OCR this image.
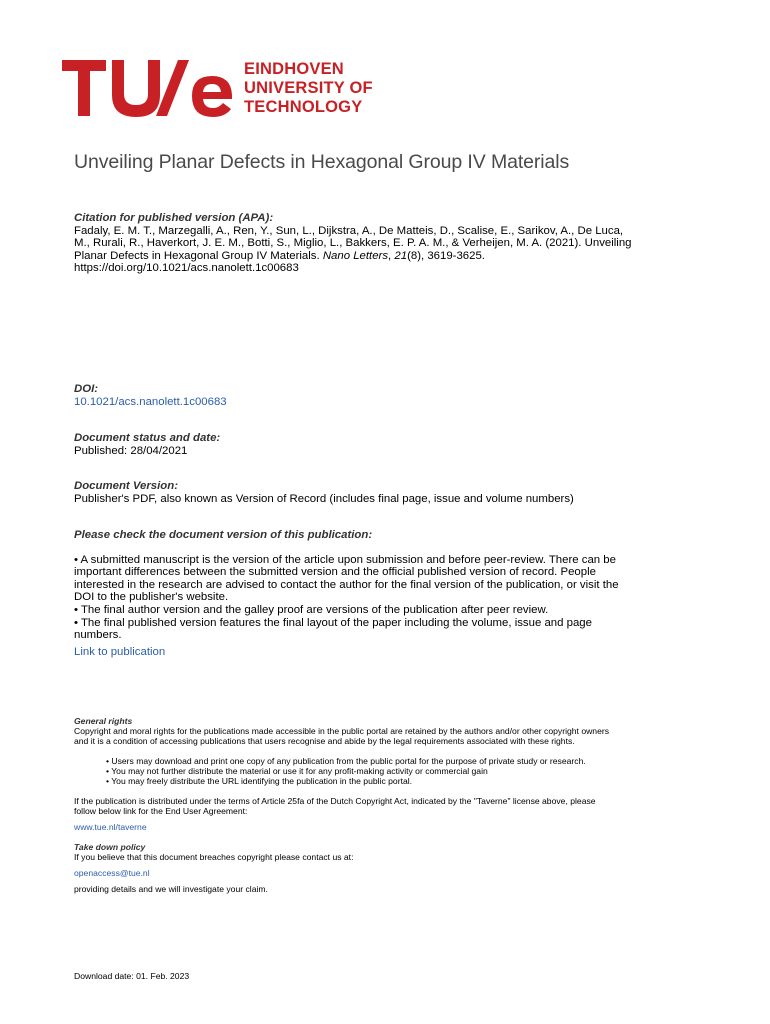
EINDHOVEN
UNIVERSITY OF
TECHNOLOGY
Unveiling Planar Defects in Hexagonal Group IV Materials
Citation for published version (APA):
Fadaly, E. M. T., Marzegalli, A., Ren, Y., Sun, L., Dijkstra, A., De Matteis, D., Scalise, E., Sarikov, A., De Luca,
M., Rurali, R., Haverkort, J. E. M., Botti, S., Miglio, L., Bakkers, E. P. A. M., & Verheijen, M. A. (2021). Unveiling
Planar Defects in Hexagonal Group IV Materials. Nano Letters, 21(8), 3619-3625.
https://doi.org/10.1021/acs.nanolett.1c00683
DOI:
10.1021/acs.nanolett.1c00683
Document status and date:
Published: 28/04/2021
Document Version:
Publisher's PDF, also known as Version of Record (includes final page, issue and volume numbers)
Please check the document version of this publication:
• A submitted manuscript is the version of the article upon submission and before peer-review. There can be
important differences between the submitted version and the official published version of record. People
interested in the research are advised to contact the author for the final version of the publication, or visit the
DOI to the publisher's website.
• The final author version and the galley proof are versions of the publication after peer review.
• The final published version features the final layout of the paper including the volume, issue and page
numbers.
Link to publication
General rights
Copyright and moral rights for the publications made accessible in the public portal are retained by the authors and/or other copyright owners
and it is a condition of accessing publications that users recognise and abide by the legal requirements associated with these rights.
• Users may download and print one copy of any publication from the public portal for the purpose of private study or research.
• You may not further distribute the material or use it for any profit-making activity or commercial gain
• You may freely distribute the URL identifying the publication in the public portal.
If the publication is distributed under the terms of Article 25fa of the Dutch Copyright Act, indicated by the "Taverne" license above, please
follow below link for the End User Agreement:
www.tue.nl/taverne
Take down policy
If you believe that this document breaches copyright please contact us at:
openaccess@tue.nl
providing details and we will investigate your claim.
Download date: 01. Feb. 2023
